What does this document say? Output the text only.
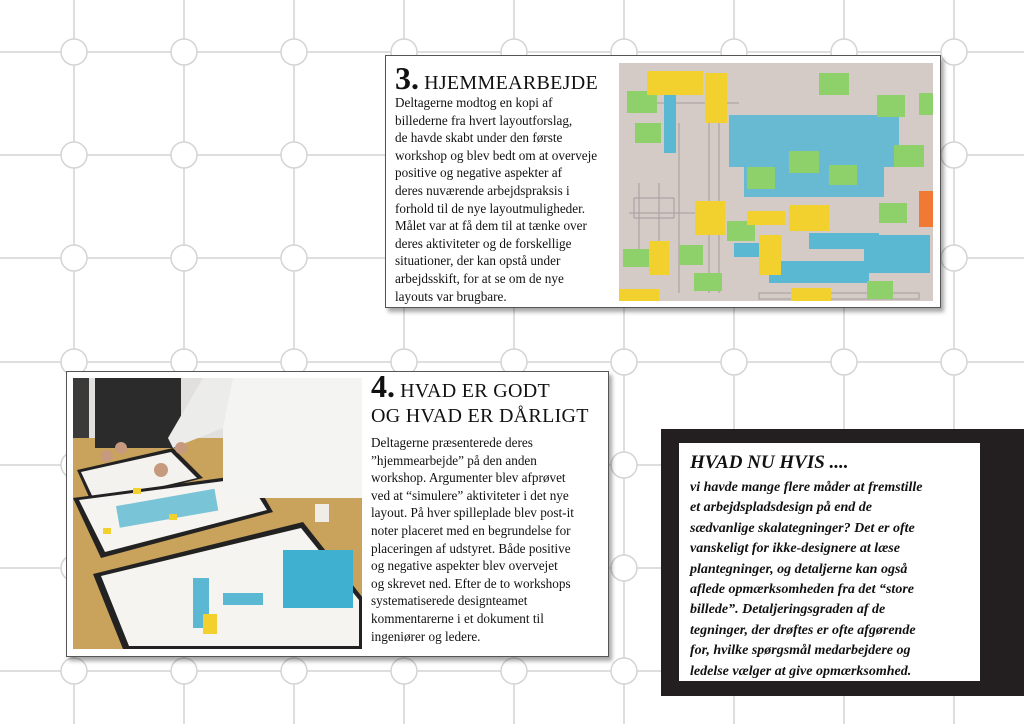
3. HJEMMEARBEJDE
Deltagerne modtog en kopi af
billederne fra hvert layoutforslag,
de havde skabt under den første
workshop og blev bedt om at overveje
positive og negative aspekter af
deres nuværende arbejdspraksis i
forhold til de nye layoutmuligheder.
Målet var at få dem til at tænke over
deres aktiviteter og de forskellige
situationer, der kan opstå under
arbejdsskift, for at se om de nye
layouts var brugbare.
4. HVAD ER GODT
OG HVAD ER DÅRLIGT
Deltagerne præsenterede deres
”hjemmearbejde” på den anden
workshop. Argumenter blev afprøvet
ved at “simulere” aktiviteter i det nye
layout. På hver spilleplade blev post-it
noter placeret med en begrundelse for
placeringen af udstyret. Både positive
og negative aspekter blev overvejet
og skrevet ned. Efter de to workshops
systematiserede designteamet
kommentarerne i et dokument til
ingeniører og ledere.
HVAD NU HVIS ....
vi havde mange flere måder at fremstille
et arbejdspladsdesign på end de
sædvanlige skalategninger? Det er ofte
vanskeligt for ikke-designere at læse
plantegninger, og detaljerne kan også
aflede opmærksomheden fra det “store
billede”. Detaljeringsgraden af de
tegninger, der drøftes er ofte afgørende
for, hvilke spørgsmål medarbejdere og
ledelse vælger at give opmærksomhed.
